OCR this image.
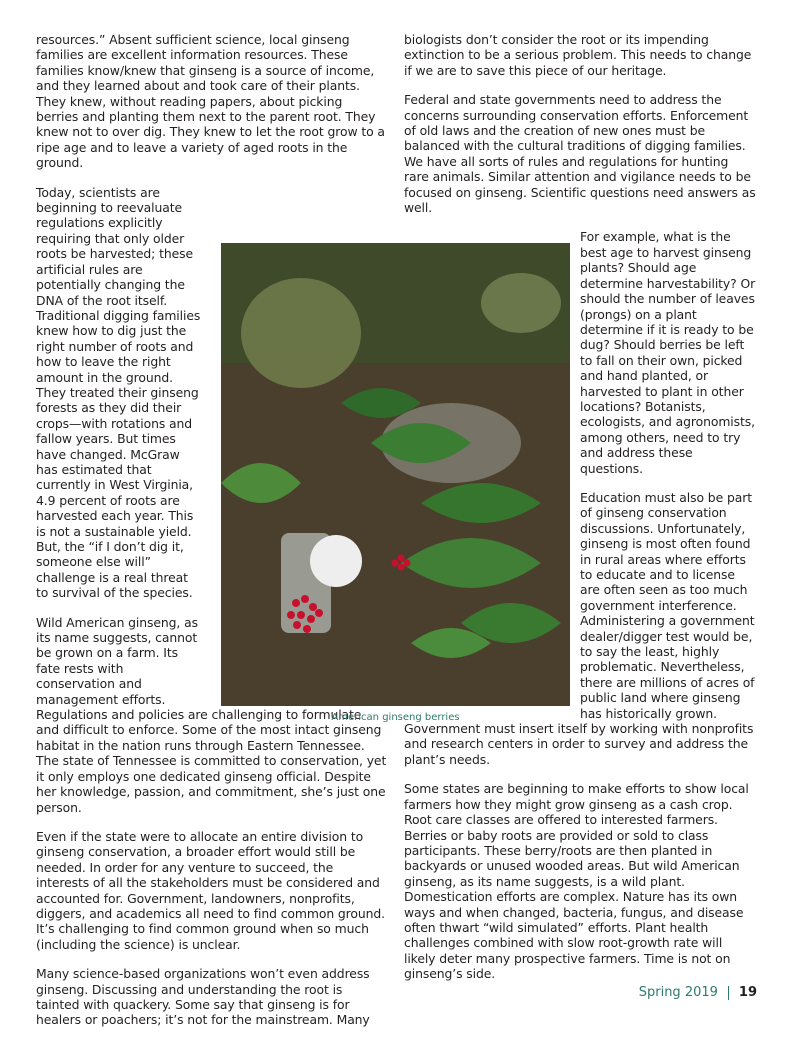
resources.” Absent sufficient science, local ginseng families are excellent information resources. These families know/knew that ginseng is a source of income, and they learned about and took care of their plants. They knew, without reading papers, about picking berries and planting them next to the parent root. They knew not to over dig. They knew to let the root grow to a ripe age and to leave a variety of aged roots in the ground.

Today, scientists are beginning to reevaluate regulations explicitly requiring that only older roots be harvested; these artificial rules are potentially changing the DNA of the root itself. Traditional digging families knew how to dig just the right number of roots and how to leave the right amount in the ground. They treated their ginseng forests as they did their crops—with rotations and fallow years. But times have changed. McGraw has estimated that currently in West Virginia, 4.9 percent of roots are harvested each year. This is not a sustainable yield. But, the “if I don’t dig it, someone else will” challenge is a real threat to survival of the species.

Wild American ginseng, as its name suggests, cannot be grown on a farm. Its fate rests with conservation and management efforts. Regulations and policies are challenging to formulate and difficult to enforce. Some of the most intact ginseng habitat in the nation runs through Eastern Tennessee. The state of Tennessee is committed to conservation, yet it only employs one dedicated ginseng official. Despite her knowledge, passion, and commitment, she’s just one person.

Even if the state were to allocate an entire division to ginseng conservation, a broader effort would still be needed. In order for any venture to succeed, the interests of all the stakeholders must be considered and accounted for. Government, landowners, nonprofits, diggers, and academics all need to find common ground. It’s challenging to find common ground when so much (including the science) is unclear.

Many science-based organizations won’t even address ginseng. Discussing and understanding the root is tainted with quackery. Some say that ginseng is for healers or poachers; it’s not for the mainstream. Many

biologists don’t consider the root or its impending extinction to be a serious problem. This needs to change if we are to save this piece of our heritage.

Federal and state governments need to address the concerns surrounding conservation efforts. Enforcement of old laws and the creation of new ones must be balanced with the cultural traditions of digging families. We have all sorts of rules and regulations for hunting rare animals. Similar attention and vigilance needs to be focused on ginseng. Scientific questions need answers as well.

For example, what is the best age to harvest ginseng plants? Should age determine harvestability? Or should the number of leaves (prongs) on a plant determine if it is ready to be dug? Should berries be left to fall on their own, picked and hand planted, or harvested to plant in other locations? Botanists, ecologists, and agronomists, among others, need to try and address these questions.

Education must also be part of ginseng conservation discussions. Unfortunately, ginseng is most often found in rural areas where efforts to educate and to license are often seen as too much government interference. Administering a government dealer/digger test would be, to say the least, highly problematic. Nevertheless, there are millions of acres of public land where ginseng has historically grown. Government must insert itself by working with nonprofits and research centers in order to survey and address the plant’s needs.

Some states are beginning to make efforts to show local farmers how they might grow ginseng as a cash crop. Root care classes are offered to interested farmers. Berries or baby roots are provided or sold to class participants. These berry/roots are then planted in backyards or unused wooded areas. But wild American ginseng, as its name suggests, is a wild plant. Domestication efforts are complex. Nature has its own ways and when changed, bacteria, fungus, and disease often thwart “wild simulated” efforts. Plant health challenges combined with slow root-growth rate will likely deter many prospective farmers. Time is not on ginseng’s side.

American ginseng berries
Spring 2019 19
